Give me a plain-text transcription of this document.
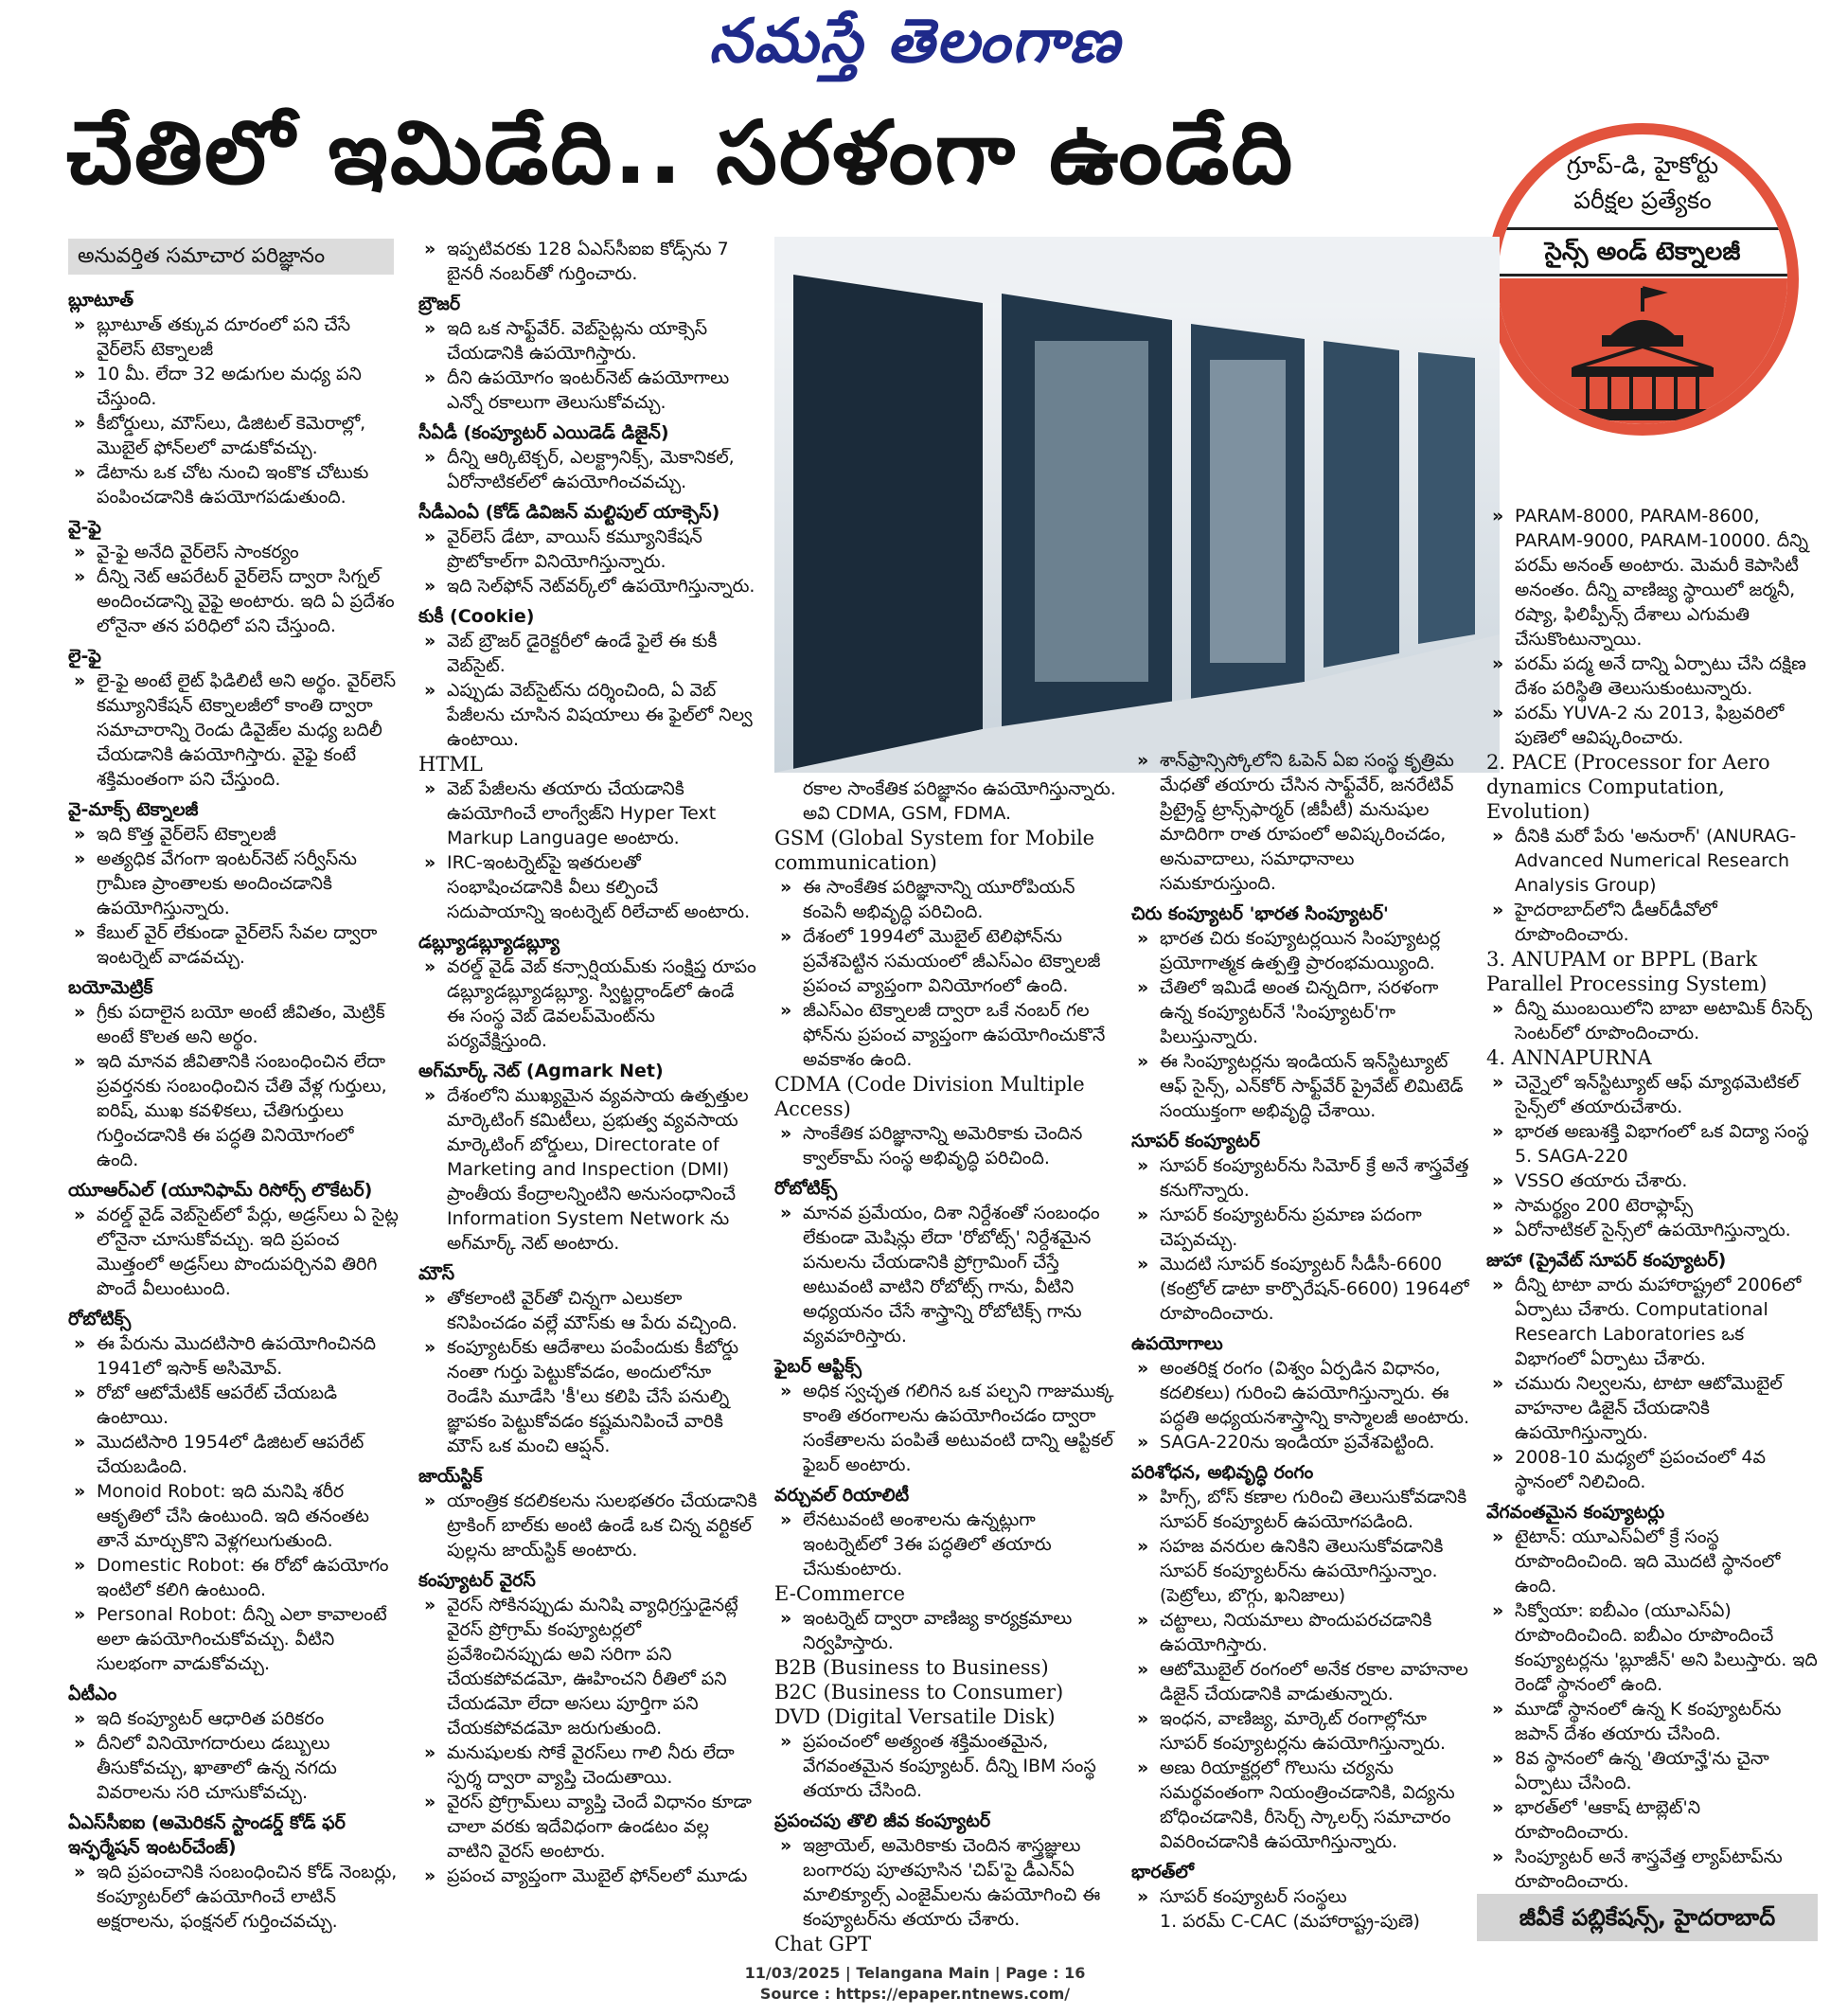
నమస్తే తెలంగాణ
చేతిలో ఇమిడేది.. సరళంగా ఉండేది	గ్రూప్-డి, హైకోర్టు
పరీక్షల ప్రత్యేకం
సైన్స్ అండ్ టెక్నాలజీ
అనువర్తిత సమాచార పరిజ్ఞానం
బ్లూటూత్
» బ్లూటూత్ తక్కువ దూరంలో పని చేసే వైర్‌లెస్ టెక్నాలజీ
» 10 మీ. లేదా 32 అడుగుల మధ్య పని చేస్తుంది.
» కీబోర్డులు, మౌస్‌లు, డిజిటల్ కెమెరాల్లో, మొబైల్ ఫోన్‌లలో వాడుకోవచ్చు.
» డేటాను ఒక చోట నుంచి ఇంకొక చోటుకు పంపించడానికి ఉపయోగపడుతుంది.
వై-ఫై
» వై-ఫై అనేది వైర్‌లెస్ సాంకర్యం
» దీన్ని నెట్ ఆపరేటర్ వైర్‌లెస్ ద్వారా సిగ్నల్ అందించడాన్ని వైఫై అంటారు. ఇది ఏ ప్రదేశం లోనైనా తన పరిధిలో పని చేస్తుంది.
లై-ఫై
» లై-ఫై అంటే లైట్ ఫిడిలిటీ అని అర్థం. వైర్‌లెస్ కమ్యూనికేషన్ టెక్నాలజీలో కాంతి ద్వారా సమాచారాన్ని రెండు డివైజ్‌ల మధ్య బదిలీ చేయడానికి ఉపయోగిస్తారు. వైఫై కంటే శక్తిమంతంగా పని చేస్తుంది.
వై-మాక్స్ టెక్నాలజీ
» ఇది కొత్త వైర్‌లెస్ టెక్నాలజీ
» అత్యధిక వేగంగా ఇంటర్‌నెట్ సర్వీస్‌ను గ్రామీణ ప్రాంతాలకు అందించడానికి ఉపయోగిస్తున్నారు.
» కేబుల్ వైర్ లేకుండా వైర్‌లెస్ సేవల ద్వారా ఇంటర్నెట్ వాడవచ్చు.
బయోమెట్రిక్
» గ్రీకు పదాలైన బయో అంటే జీవితం, మెట్రిక్ అంటే కొలత అని అర్థం.
» ఇది మానవ జీవితానికి సంబంధించిన లేదా ప్రవర్తనకు సంబంధించిన చేతి వేళ్ల గుర్తులు, ఐరిష్, ముఖ కవళికలు, చేతిగుర్తులు గుర్తించడానికి ఈ పద్ధతి వినియోగంలో ఉంది.
యూఆర్ఎల్ (యూనిఫామ్ రిసోర్స్ లొకేటర్)
» వరల్డ్ వైడ్ వెబ్‌సైట్‌లో పేర్లు, అడ్రస్‌లు ఏ సైట్ల లోనైనా చూసుకోవచ్చు. ఇది ప్రపంచ మొత్తంలో అడ్రస్‌లు పొందుపర్చినవి తిరిగి పొందే వీలుంటుంది.
రోబోటిక్స్
» ఈ పేరును మొదటిసారి ఉపయోగించినది 1941లో ఇసాక్ అసిమోవ్.
» రోబో ఆటోమేటిక్ ఆపరేట్ చేయబడి ఉంటాయి.
» మొదటిసారి 1954లో డిజిటల్ ఆపరేట్ చేయబడింది.
» Monoid Robot: ఇది మనిషి శరీర ఆకృతిలో చేసి ఉంటుంది. ఇది తనంతట తానే మార్చుకొని వెళ్లగలుగుతుంది.
» Domestic Robot: ఈ రోబో ఉపయోగం ఇంటిలో కలిగి ఉంటుంది.
» Personal Robot: దీన్ని ఎలా కావాలంటే అలా ఉపయోగించుకోవచ్చు. వీటిని సులభంగా వాడుకోవచ్చు.
ఏటీఎం
» ఇది కంప్యూటర్ ఆధారిత పరికరం
» దీనిలో వినియోగదారులు డబ్బులు తీసుకోవచ్చు, ఖాతాలో ఉన్న నగదు వివరాలను సరి చూసుకోవచ్చు.
ఏఎస్‌సీఐఐ (అమెరికన్ స్టాండర్డ్ కోడ్ ఫర్ ఇన్ఫర్మేషన్ ఇంటర్‌చేంజ్)
» ఇది ప్రపంచానికి సంబంధించిన కోడ్ నెంబర్లు, కంప్యూటర్‌లో ఉపయోగించే లాటిన్ అక్షరాలను, ఫంక్షనల్ గుర్తించవచ్చు.
» ఇప్పటివరకు 128 ఏఎస్‌సీఐఐ కోడ్స్‌ను 7 బైనరీ నంబర్‌తో గుర్తించారు.
బ్రౌజర్
» ఇది ఒక సాఫ్ట్‌వేర్. వెబ్‌సైట్లను యాక్సెస్ చేయడానికి ఉపయోగిస్తారు.
» దీని ఉపయోగం ఇంటర్‌నెట్ ఉపయోగాలు ఎన్నో రకాలుగా తెలుసుకోవచ్చు.
సీఏడీ (కంప్యూటర్ ఎయిడెడ్ డిజైన్)
» దీన్ని ఆర్కిటెక్చర్, ఎలక్ట్రానిక్స్, మెకానికల్, ఏరోనాటికల్‌లో ఉపయోగించవచ్చు.
సీడీఎంఏ (కోడ్ డివిజన్ మల్టిపుల్ యాక్సెస్)
» వైర్‌లెస్ డేటా, వాయిస్ కమ్యూనికేషన్ ప్రొటోకాల్‌గా వినియోగిస్తున్నారు.
» ఇది సెల్‌ఫోన్ నెట్‌వర్క్‌లో ఉపయోగిస్తున్నారు.
కుకీ (Cookie)
» వెబ్ బ్రౌజర్ డైరెక్టరీలో ఉండే ఫైలే ఈ కుకీ వెబ్‌సైట్.
» ఎప్పుడు వెబ్‌సైట్‌ను దర్శించింది, ఏ వెబ్ పేజీలను చూసిన విషయాలు ఈ ఫైల్‌లో నిల్వ ఉంటాయి.
HTML
» వెబ్ పేజీలను తయారు చేయడానికి ఉపయోగించే లాంగ్వేజ్‌ని Hyper Text Markup Language అంటారు.
» IRC-ఇంటర్నెట్‌పై ఇతరులతో సంభాషించడానికి వీలు కల్పించే సదుపాయాన్ని ఇంటర్నెట్ రిలేచాట్ అంటారు.
డబ్ల్యూడబ్ల్యూడబ్ల్యూ
» వరల్డ్ వైడ్ వెబ్ కన్సార్షియమ్‌కు సంక్షిప్త రూపం డబ్ల్యూడబ్ల్యూడబ్ల్యూ. స్విట్జర్లాండ్‌లో ఉండే ఈ సంస్థ వెబ్ డెవలప్‌మెంట్‌ను పర్యవేక్షిస్తుంది.
అగ్‌మార్క్ నెట్ (Agmark Net)
» దేశంలోని ముఖ్యమైన వ్యవసాయ ఉత్పత్తుల మార్కెటింగ్ కమిటీలు, ప్రభుత్వ వ్యవసాయ మార్కెటింగ్ బోర్డులు, Directorate of Marketing and Inspection (DMI) ప్రాంతీయ కేంద్రాలన్నింటిని అనుసంధానించే Information System Network ను అగ్‌మార్క్ నెట్ అంటారు.
మౌస్
» తోకలాంటి వైర్‌తో చిన్నగా ఎలుకలా కనిపించడం వల్లే మౌస్‌కు ఆ పేరు వచ్చింది.
» కంప్యూటర్‌కు ఆదేశాలు పంపేందుకు కీబోర్డు నంతా గుర్తు పెట్టుకోవడం, అందులోనూ రెండేసి మూడేసి 'కీ'లు కలిపి చేసే పనుల్ని జ్ఞాపకం పెట్టుకోవడం కష్టమనిపించే వారికి మౌస్ ఒక మంచి ఆప్షన్.
జాయ్‌స్టిక్
» యాంత్రిక కదలికలను సులభతరం చేయడానికి ట్రాకింగ్ బాల్‌కు అంటి ఉండే ఒక చిన్న వర్టికల్ పుల్లను జాయ్‌స్టిక్ అంటారు.
కంప్యూటర్ వైరస్
» వైరస్ సోకినప్పుడు మనిషి వ్యాధిగ్రస్తుడైనట్లే వైరస్ ప్రోగ్రామ్ కంప్యూటర్లలో ప్రవేశించినప్పుడు అవి సరిగా పని చేయకపోవడమో, ఊహించని రీతిలో పని చేయడమో లేదా అసలు పూర్తిగా పని చేయకపోవడమో జరుగుతుంది.
» మనుషులకు సోకే వైరస్‌లు గాలి నీరు లేదా స్పర్శ ద్వారా వ్యాప్తి చెందుతాయి.
» వైరస్ ప్రోగ్రామ్‌లు వ్యాప్తి చెందే విధానం కూడా చాలా వరకు ఇదేవిధంగా ఉండటం వల్ల వాటిని వైరస్ అంటారు.
» ప్రపంచ వ్యాప్తంగా మొబైల్ ఫోన్‌లలో మూడు
రకాల సాంకేతిక పరిజ్ఞానం ఉపయోగిస్తున్నారు. అవి CDMA, GSM, FDMA.
GSM (Global System for Mobile communication)
» ఈ సాంకేతిక పరిజ్ఞానాన్ని యూరోపియన్ కంపెనీ అభివృద్ధి పరిచింది.
» దేశంలో 1994లో మొబైల్ టెలిఫోన్‌ను ప్రవేశపెట్టిన సమయంలో జీఎస్‌ఎం టెక్నాలజీ ప్రపంచ వ్యాప్తంగా వినియోగంలో ఉంది.
» జీఎస్‌ఎం టెక్నాలజీ ద్వారా ఒకే నంబర్ గల ఫోన్‌ను ప్రపంచ వ్యాప్తంగా ఉపయోగించుకొనే అవకాశం ఉంది.
CDMA (Code Division Multiple Access)
» సాంకేతిక పరిజ్ఞానాన్ని అమెరికాకు చెందిన క్వాల్‌కామ్ సంస్థ అభివృద్ధి పరిచింది.
రోబోటిక్స్
» మానవ ప్రమేయం, దిశా నిర్దేశంతో సంబంధం లేకుండా మెషిన్లు లేదా 'రోబోట్స్' నిర్దేశమైన పనులను చేయడానికి ప్రోగ్రామింగ్ చేస్తే అటువంటి వాటిని రోబోట్స్ గాను, వీటిని అధ్యయనం చేసే శాస్త్రాన్ని రోబోటిక్స్ గాను వ్యవహరిస్తారు.
ఫైబర్ ఆప్టిక్స్
» అధిక స్వచ్ఛత గలిగిన ఒక పల్చని గాజుముక్క కాంతి తరంగాలను ఉపయోగించడం ద్వారా సంకేతాలను పంపితే అటువంటి దాన్ని ఆప్టికల్ ఫైబర్ అంటారు.
వర్చువల్ రియాలిటీ
» లేనటువంటి అంశాలను ఉన్నట్లుగా ఇంటర్నెట్‌లో 3ఈ పద్ధతిలో తయారు చేసుకుంటారు.
E-Commerce
» ఇంటర్నెట్ ద్వారా వాణిజ్య కార్యక్రమాలు నిర్వహిస్తారు.
B2B (Business to Business)
B2C (Business to Consumer)
DVD (Digital Versatile Disk)
» ప్రపంచంలో అత్యంత శక్తిమంతమైన, వేగవంతమైన కంప్యూటర్. దీన్ని IBM సంస్థ తయారు చేసింది.
ప్రపంచపు తొలి జీవ కంప్యూటర్
» ఇజ్రాయెల్, అమెరికాకు చెందిన శాస్త్రజ్ఞులు బంగారపు పూతపూసిన 'చిప్'పై డీఎన్‌ఏ మాలిక్యూల్స్ ఎంజైమ్‌లను ఉపయోగించి ఈ కంప్యూటర్‌ను తయారు చేశారు.
Chat GPT
» శాన్‌ఫ్రాన్సిస్కోలోని ఓపెన్ ఏఐ సంస్థ కృత్రిమ మేధతో తయారు చేసిన సాఫ్ట్‌వేర్, జనరేటివ్ ప్రిట్రైన్డ్ ట్రాన్స్‌ఫార్మర్ (జీపీటీ) మనుషుల మాదిరిగా రాత రూపంలో అవిష్కరించడం, అనువాదాలు, సమాధానాలు సమకూరుస్తుంది.
చిరు కంప్యూటర్ 'భారత సింప్యూటర్'
» భారత చిరు కంప్యూటర్లయిన సింప్యూటర్ల ప్రయోగాత్మక ఉత్పత్తి ప్రారంభమయ్యింది.
» చేతిలో ఇమిడే అంత చిన్నదిగా, సరళంగా ఉన్న కంప్యూటర్‌నే 'సింప్యూటర్'గా పిలుస్తున్నారు.
» ఈ సింప్యూటర్లను ఇండియన్ ఇన్‌స్టిట్యూట్ ఆఫ్ సైన్స్, ఎన్‌కోర్ సాఫ్ట్‌వేర్ ప్రైవేట్ లిమిటెడ్ సంయుక్తంగా అభివృద్ధి చేశాయి.
సూపర్ కంప్యూటర్
» సూపర్ కంప్యూటర్‌ను సిమోర్ క్రే అనే శాస్త్రవేత్త కనుగొన్నారు.
» సూపర్ కంప్యూటర్‌ను ప్రమాణ పదంగా చెప్పవచ్చు.
» మొదటి సూపర్ కంప్యూటర్ సీడీసీ-6600 (కంట్రోల్ డాటా కార్పొరేషన్-6600) 1964లో రూపొందించారు.
ఉపయోగాలు
» అంతరిక్ష రంగం (విశ్వం ఏర్పడిన విధానం, కదలికలు) గురించి ఉపయోగిస్తున్నారు. ఈ పద్ధతి అధ్యయనశాస్త్రాన్ని కాస్మాలజీ అంటారు.
» SAGA-220ను ఇండియా ప్రవేశపెట్టింది.
పరిశోధన, అభివృద్ధి రంగం
» హిగ్స్, బోస్ కణాల గురించి తెలుసుకోవడానికి సూపర్ కంప్యూటర్ ఉపయోగపడింది.
» సహజ వనరుల ఉనికిని తెలుసుకోవడానికి సూపర్ కంప్యూటర్‌ను ఉపయోగిస్తున్నాం. (పెట్రోలు, బొగ్గు, ఖనిజాలు)
» చట్టాలు, నియమాలు పొందుపరచడానికి ఉపయోగిస్తారు.
» ఆటోమొబైల్ రంగంలో అనేక రకాల వాహనాల డిజైన్ చేయడానికి వాడుతున్నారు.
» ఇంధన, వాణిజ్య, మార్కెట్ రంగాల్లోనూ సూపర్ కంప్యూటర్లను ఉపయోగిస్తున్నారు.
» అణు రియాక్టర్లలో గొలుసు చర్యను సమర్థవంతంగా నియంత్రించడానికి, విద్యను బోధించడానికి, రీసెర్చ్ స్కాలర్స్ సమాచారం వివరించడానికి ఉపయోగిస్తున్నారు.
భారత్‌లో
» సూపర్ కంప్యూటర్ సంస్థలు
1. పరమ్ C-CAC (మహారాష్ట్ర-పుణె)
» PARAM-8000, PARAM-8600, PARAM-9000, PARAM-10000. దీన్ని పరమ్ అనంత్ అంటారు. మెమరీ కెపాసిటీ అనంతం. దీన్ని వాణిజ్య స్థాయిలో జర్మనీ, రష్యా, ఫిలిప్పీన్స్ దేశాలు ఎగుమతి చేసుకొంటున్నాయి.
» పరమ్ పద్మ అనే దాన్ని ఏర్పాటు చేసి దక్షిణ దేశం పరిస్థితి తెలుసుకుంటున్నారు.
» పరమ్ YUVA-2 ను 2013, ఫిబ్రవరిలో పుణెలో ఆవిష్కరించారు.
2. PACE (Processor for Aero dynamics Computation, Evolution)
» దీనికి మరో పేరు 'అనురాగ్' (ANURAG-Advanced Numerical Research Analysis Group)
» హైదరాబాద్‌లోని డీఆర్‌డీవోలో రూపొందించారు.
3. ANUPAM or BPPL (Bark Parallel Processing System)
» దీన్ని ముంబయిలోని బాబా అటామిక్ రీసెర్చ్ సెంటర్‌లో రూపొందించారు.
4. ANNAPURNA
» చెన్నైలో ఇన్‌స్టిట్యూట్ ఆఫ్ మ్యాథమెటికల్ సైన్స్‌లో తయారుచేశారు.
» భారత అణుశక్తి విభాగంలో ఒక విద్యా సంస్థ
5. SAGA-220
» VSSO తయారు చేశారు.
» సామర్థ్యం 200 టెరాఫ్లాప్స్
» ఏరోనాటికల్ సైన్స్‌లో ఉపయోగిస్తున్నారు.
జుహా (ప్రైవేట్ సూపర్ కంప్యూటర్)
» దీన్ని టాటా వారు మహారాష్ట్రలో 2006లో ఏర్పాటు చేశారు. Computational Research Laboratories ఒక విభాగంలో ఏర్పాటు చేశారు.
» చమురు నిల్వలను, టాటా ఆటోమొబైల్ వాహనాల డిజైన్ చేయడానికి ఉపయోగిస్తున్నారు.
» 2008-10 మధ్యలో ప్రపంచంలో 4వ స్థానంలో నిలిచింది.
వేగవంతమైన కంప్యూటర్లు
» టైటాన్: యూఎస్‌ఏలో క్రే సంస్థ రూపొందించింది. ఇది మొదటి స్థానంలో ఉంది.
» సిక్వోయా: ఐబీఎం (యూఎస్‌ఏ) రూపొందించింది. ఐబీఎం రూపొందించే కంప్యూటర్లను 'బ్లూజీన్' అని పిలుస్తారు. ఇది రెండో స్థానంలో ఉంది.
» మూడో స్థానంలో ఉన్న K కంప్యూటర్‌ను జపాన్ దేశం తయారు చేసింది.
» 8వ స్థానంలో ఉన్న 'తియాన్హే'ను చైనా ఏర్పాటు చేసింది.
» భారత్‌లో 'ఆకాష్ టాబ్లెట్'ని రూపొందించారు.
» సింప్యూటర్ అనే శాస్త్రవేత్త ల్యాప్‌టాప్‌ను రూపొందించారు.
జీవీకే పబ్లికేషన్స్, హైదరాబాద్
11/03/2025 | Telangana Main | Page : 16
Source : https://epaper.ntnews.com/
